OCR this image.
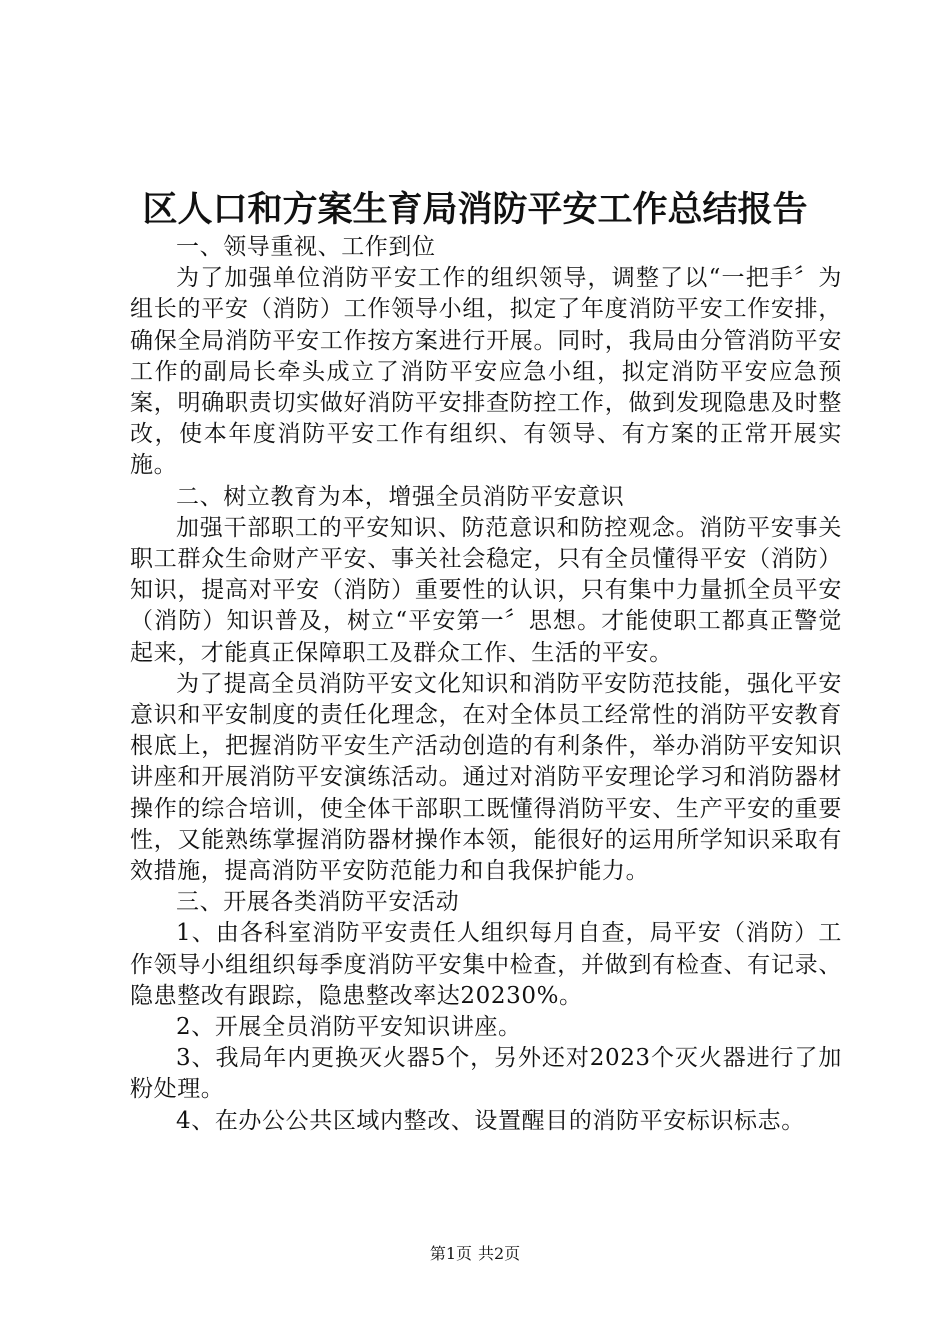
区人口和方案生育局消防平安工作总结报告

一、领导重视、工作到位

为了加强单位消防平安工作的组织领导，调整了以“一把手〞为组长的平安（消防）工作领导小组，拟定了年度消防平安工作安排，确保全局消防平安工作按方案进行开展。同时，我局由分管消防平安工作的副局长牵头成立了消防平安应急小组，拟定消防平安应急预案，明确职责切实做好消防平安排查防控工作，做到发现隐患及时整改，使本年度消防平安工作有组织、有领导、有方案的正常开展实施。

二、树立教育为本，增强全员消防平安意识

加强干部职工的平安知识、防范意识和防控观念。消防平安事关职工群众生命财产平安、事关社会稳定，只有全员懂得平安（消防）知识，提高对平安（消防）重要性的认识，只有集中力量抓全员平安（消防）知识普及，树立“平安第一〞思想。才能使职工都真正警觉起来，才能真正保障职工及群众工作、生活的平安。

为了提高全员消防平安文化知识和消防平安防范技能，强化平安意识和平安制度的责任化理念，在对全体员工经常性的消防平安教育根底上，把握消防平安生产活动创造的有利条件，举办消防平安知识讲座和开展消防平安演练活动。通过对消防平安理论学习和消防器材操作的综合培训，使全体干部职工既懂得消防平安、生产平安的重要性，又能熟练掌握消防器材操作本领，能很好的运用所学知识采取有效措施，提高消防平安防范能力和自我保护能力。

三、开展各类消防平安活动

1、由各科室消防平安责任人组织每月自查，局平安（消防）工作领导小组组织每季度消防平安集中检查，并做到有检查、有记录、隐患整改有跟踪，隐患整改率达20230%。

2、开展全员消防平安知识讲座。

3、我局年内更换灭火器5个，另外还对2023个灭火器进行了加粉处理。

4、在办公公共区域内整改、设置醒目的消防平安标识标志。

第1页 共2页
